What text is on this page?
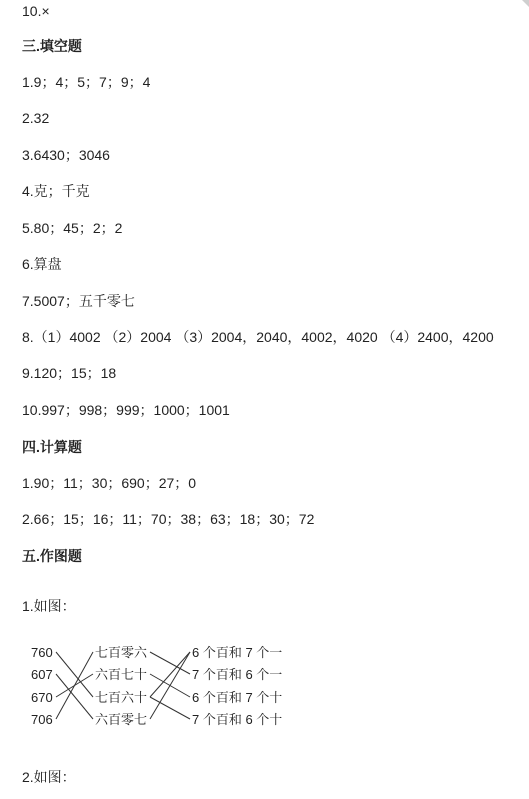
10.×
三.填空题
1.9；4；5；7；9；4
2.32
3.6430；3046
4.克；千克
5.80；45；2；2
6.算盘
7.5007；五千零七
8.（1）4002 （2）2004 （3）2004，2040，4002，4020 （4）2400，4200
9.120；15；18
10.997；998；999；1000；1001
四.计算题
1.90；11；30；690；27；0
2.66；15；16；11；70；38；63；18；30；72
五.作图题
1.如图：
760
607
670
706
七百零六
六百七十
七百六十
六百零七
6 个百和 7 个一
7 个百和 6 个一
6 个百和 7 个十
7 个百和 6 个十
2.如图：
